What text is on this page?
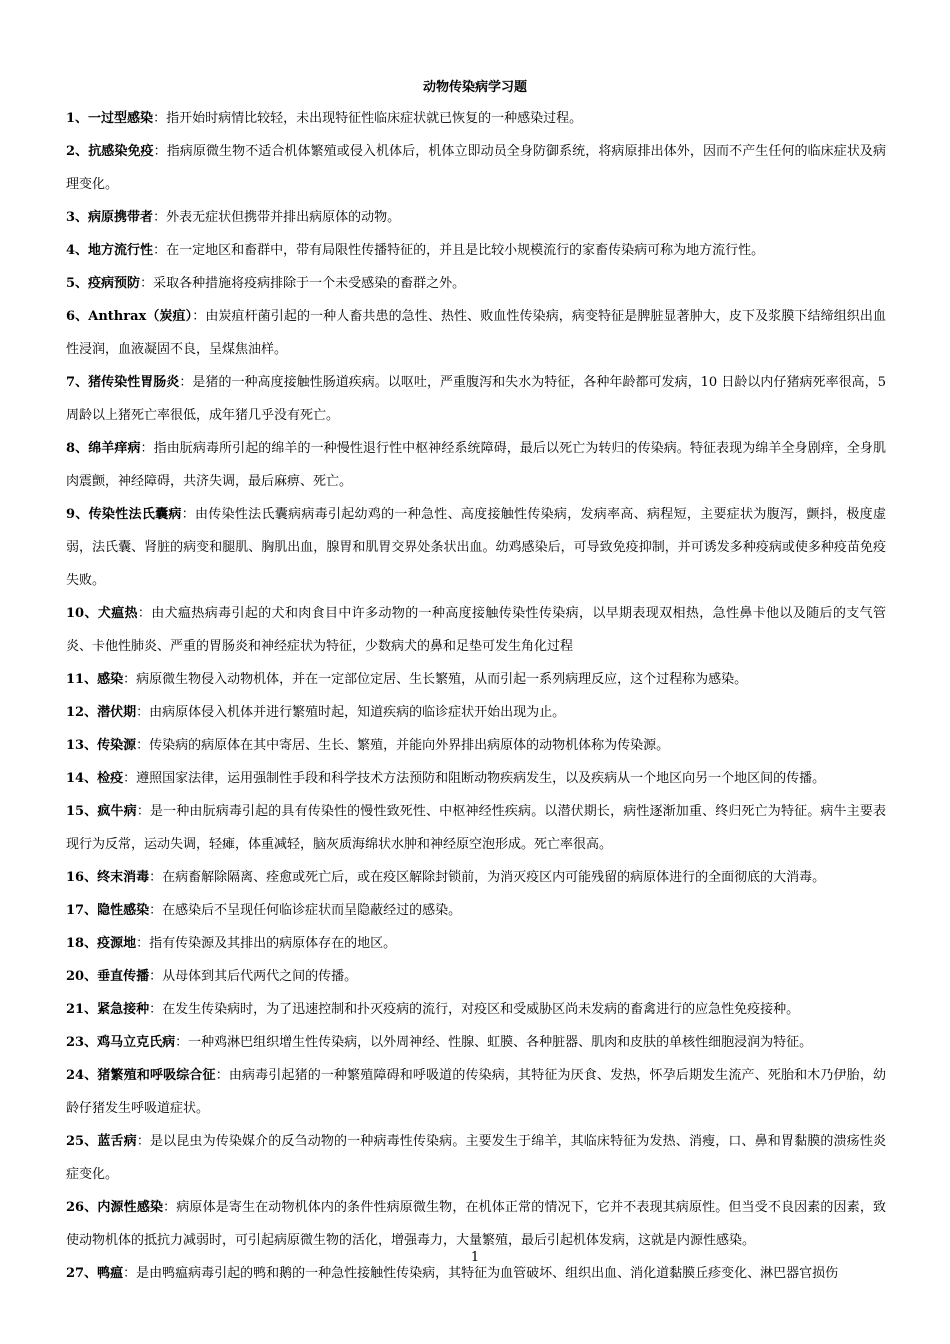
动物传染病学习题

1、一过型感染：指开始时病情比较轻，未出现特征性临床症状就已恢复的一种感染过程。

2、抗感染免疫：指病原微生物不适合机体繁殖或侵入机体后，机体立即动员全身防御系统，将病原排出体外，因而不产生任何的临床症状及病理变化。

3、病原携带者：外表无症状但携带并排出病原体的动物。

4、地方流行性：在一定地区和畜群中，带有局限性传播特征的，并且是比较小规模流行的家畜传染病可称为地方流行性。

5、疫病预防：采取各种措施将疫病排除于一个未受感染的畜群之外。

6、Anthrax（炭疽）：由炭疽杆菌引起的一种人畜共患的急性、热性、败血性传染病，病变特征是脾脏显著肿大，皮下及浆膜下结缔组织出血性浸润，血液凝固不良，呈煤焦油样。

7、猪传染性胃肠炎：是猪的一种高度接触性肠道疾病。以呕吐，严重腹泻和失水为特征，各种年龄都可发病，10 日龄以内仔猪病死率很高，5 周龄以上猪死亡率很低，成年猪几乎没有死亡。

8、绵羊痒病：指由朊病毒所引起的绵羊的一种慢性退行性中枢神经系统障碍，最后以死亡为转归的传染病。特征表现为绵羊全身剧痒，全身肌肉震颤，神经障碍，共济失调，最后麻痹、死亡。

9、传染性法氏囊病：由传染性法氏囊病病毒引起幼鸡的一种急性、高度接触性传染病，发病率高、病程短，主要症状为腹泻，颤抖，极度虚弱，法氏囊、肾脏的病变和腿肌、胸肌出血，腺胃和肌胃交界处条状出血。幼鸡感染后，可导致免疫抑制，并可诱发多种疫病或使多种疫苗免疫失败。

10、犬瘟热：由犬瘟热病毒引起的犬和肉食目中许多动物的一种高度接触传染性传染病，以早期表现双相热，急性鼻卡他以及随后的支气管炎、卡他性肺炎、严重的胃肠炎和神经症状为特征，少数病犬的鼻和足垫可发生角化过程

11、感染：病原微生物侵入动物机体，并在一定部位定居、生长繁殖，从而引起一系列病理反应，这个过程称为感染。

12、潜伏期：由病原体侵入机体并进行繁殖时起，知道疾病的临诊症状开始出现为止。

13、传染源：传染病的病原体在其中寄居、生长、繁殖，并能向外界排出病原体的动物机体称为传染源。

14、检疫：遵照国家法律，运用强制性手段和科学技术方法预防和阻断动物疾病发生，以及疾病从一个地区向另一个地区间的传播。

15、疯牛病：是一种由朊病毒引起的具有传染性的慢性致死性、中枢神经性疾病。以潜伏期长，病性逐渐加重、终归死亡为特征。病牛主要表现行为反常，运动失调，轻瘫，体重减轻，脑灰质海绵状水肿和神经原空泡形成。死亡率很高。

16、终末消毒：在病畜解除隔离、痊愈或死亡后，或在疫区解除封锁前，为消灭疫区内可能残留的病原体进行的全面彻底的大消毒。

17、隐性感染：在感染后不呈现任何临诊症状而呈隐蔽经过的感染。

18、疫源地：指有传染源及其排出的病原体存在的地区。

20、垂直传播：从母体到其后代两代之间的传播。

21、紧急接种：在发生传染病时，为了迅速控制和扑灭疫病的流行，对疫区和受威胁区尚未发病的畜禽进行的应急性免疫接种。

23、鸡马立克氏病：一种鸡淋巴组织增生性传染病，以外周神经、性腺、虹膜、各种脏器、肌肉和皮肤的单核性细胞浸润为特征。

24、猪繁殖和呼吸综合征：由病毒引起猪的一种繁殖障碍和呼吸道的传染病，其特征为厌食、发热，怀孕后期发生流产、死胎和木乃伊胎，幼龄仔猪发生呼吸道症状。

25、蓝舌病：是以昆虫为传染媒介的反刍动物的一种病毒性传染病。主要发生于绵羊，其临床特征为发热、消瘦，口、鼻和胃黏膜的溃疡性炎症变化。

26、内源性感染：病原体是寄生在动物机体内的条件性病原微生物，在机体正常的情况下，它并不表现其病原性。但当受不良因素的因素，致使动物机体的抵抗力减弱时，可引起病原微生物的活化，增强毒力，大量繁殖，最后引起机体发病，这就是内源性感染。

27、鸭瘟：是由鸭瘟病毒引起的鸭和鹅的一种急性接触性传染病，其特征为血管破坏、组织出血、消化道黏膜丘疹变化、淋巴器官损伤

1
